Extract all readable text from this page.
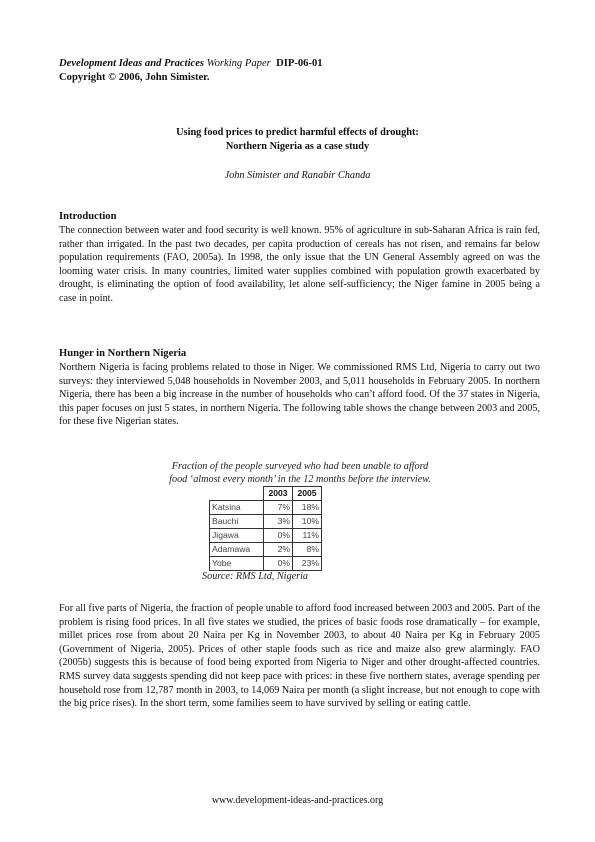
Development Ideas and Practices Working Paper DIP-06-01
Copyright © 2006, John Simister.
Using food prices to predict harmful effects of drought:
Northern Nigeria as a case study
John Simister and Ranabir Chanda
Introduction

The connection between water and food security is well known. 95% of agriculture in sub-Saharan Africa is rain fed, rather than irrigated. In the past two decades, per capita production of cereals has not risen, and remains far below population requirements (FAO, 2005a). In 1998, the only issue that the UN General Assembly agreed on was the looming water crisis. In many countries, limited water supplies combined with population growth exacerbated by drought, is eliminating the option of food availability, let alone self-sufficiency; the Niger famine in 2005 being a case in point.

Hunger in Northern Nigeria

Northern Nigeria is facing problems related to those in Niger. We commissioned RMS Ltd, Nigeria to carry out two surveys: they interviewed 5,048 households in November 2003, and 5,011 households in February 2005. In northern Nigeria, there has been a big increase in the number of households who can’t afford food. Of the 37 states in Nigeria, this paper focuses on just 5 states, in northern Nigeria. The following table shows the change between 2003 and 2005, for these five Nigerian states.

Fraction of the people surveyed who had been unable to afford
food ‘almost every month’ in the 12 months before the interview.
	2003	2005
Katsina	7%	18%
Bauchi	3%	10%
Jigawa	0%	11%
Adamawa	2%	8%
Yobe	0%	23%
Source: RMS Ltd, Nigeria

For all five parts of Nigeria, the fraction of people unable to afford food increased between 2003 and 2005. Part of the problem is rising food prices. In all five states we studied, the prices of basic foods rose dramatically – for example, millet prices rose from about 20 Naira per Kg in November 2003, to about 40 Naira per Kg in February 2005 (Government of Nigeria, 2005). Prices of other staple foods such as rice and maize also grew alarmingly. FAO (2005b) suggests this is because of food being exported from Nigeria to Niger and other drought-affected countries. RMS survey data suggests spending did not keep pace with prices: in these five northern states, average spending per household rose from 12,787 month in 2003, to 14,069 Naira per month (a slight increase, but not enough to cope with the big price rises). In the short term, some families seem to have survived by selling or eating cattle.

www.development-ideas-and-practices.org
